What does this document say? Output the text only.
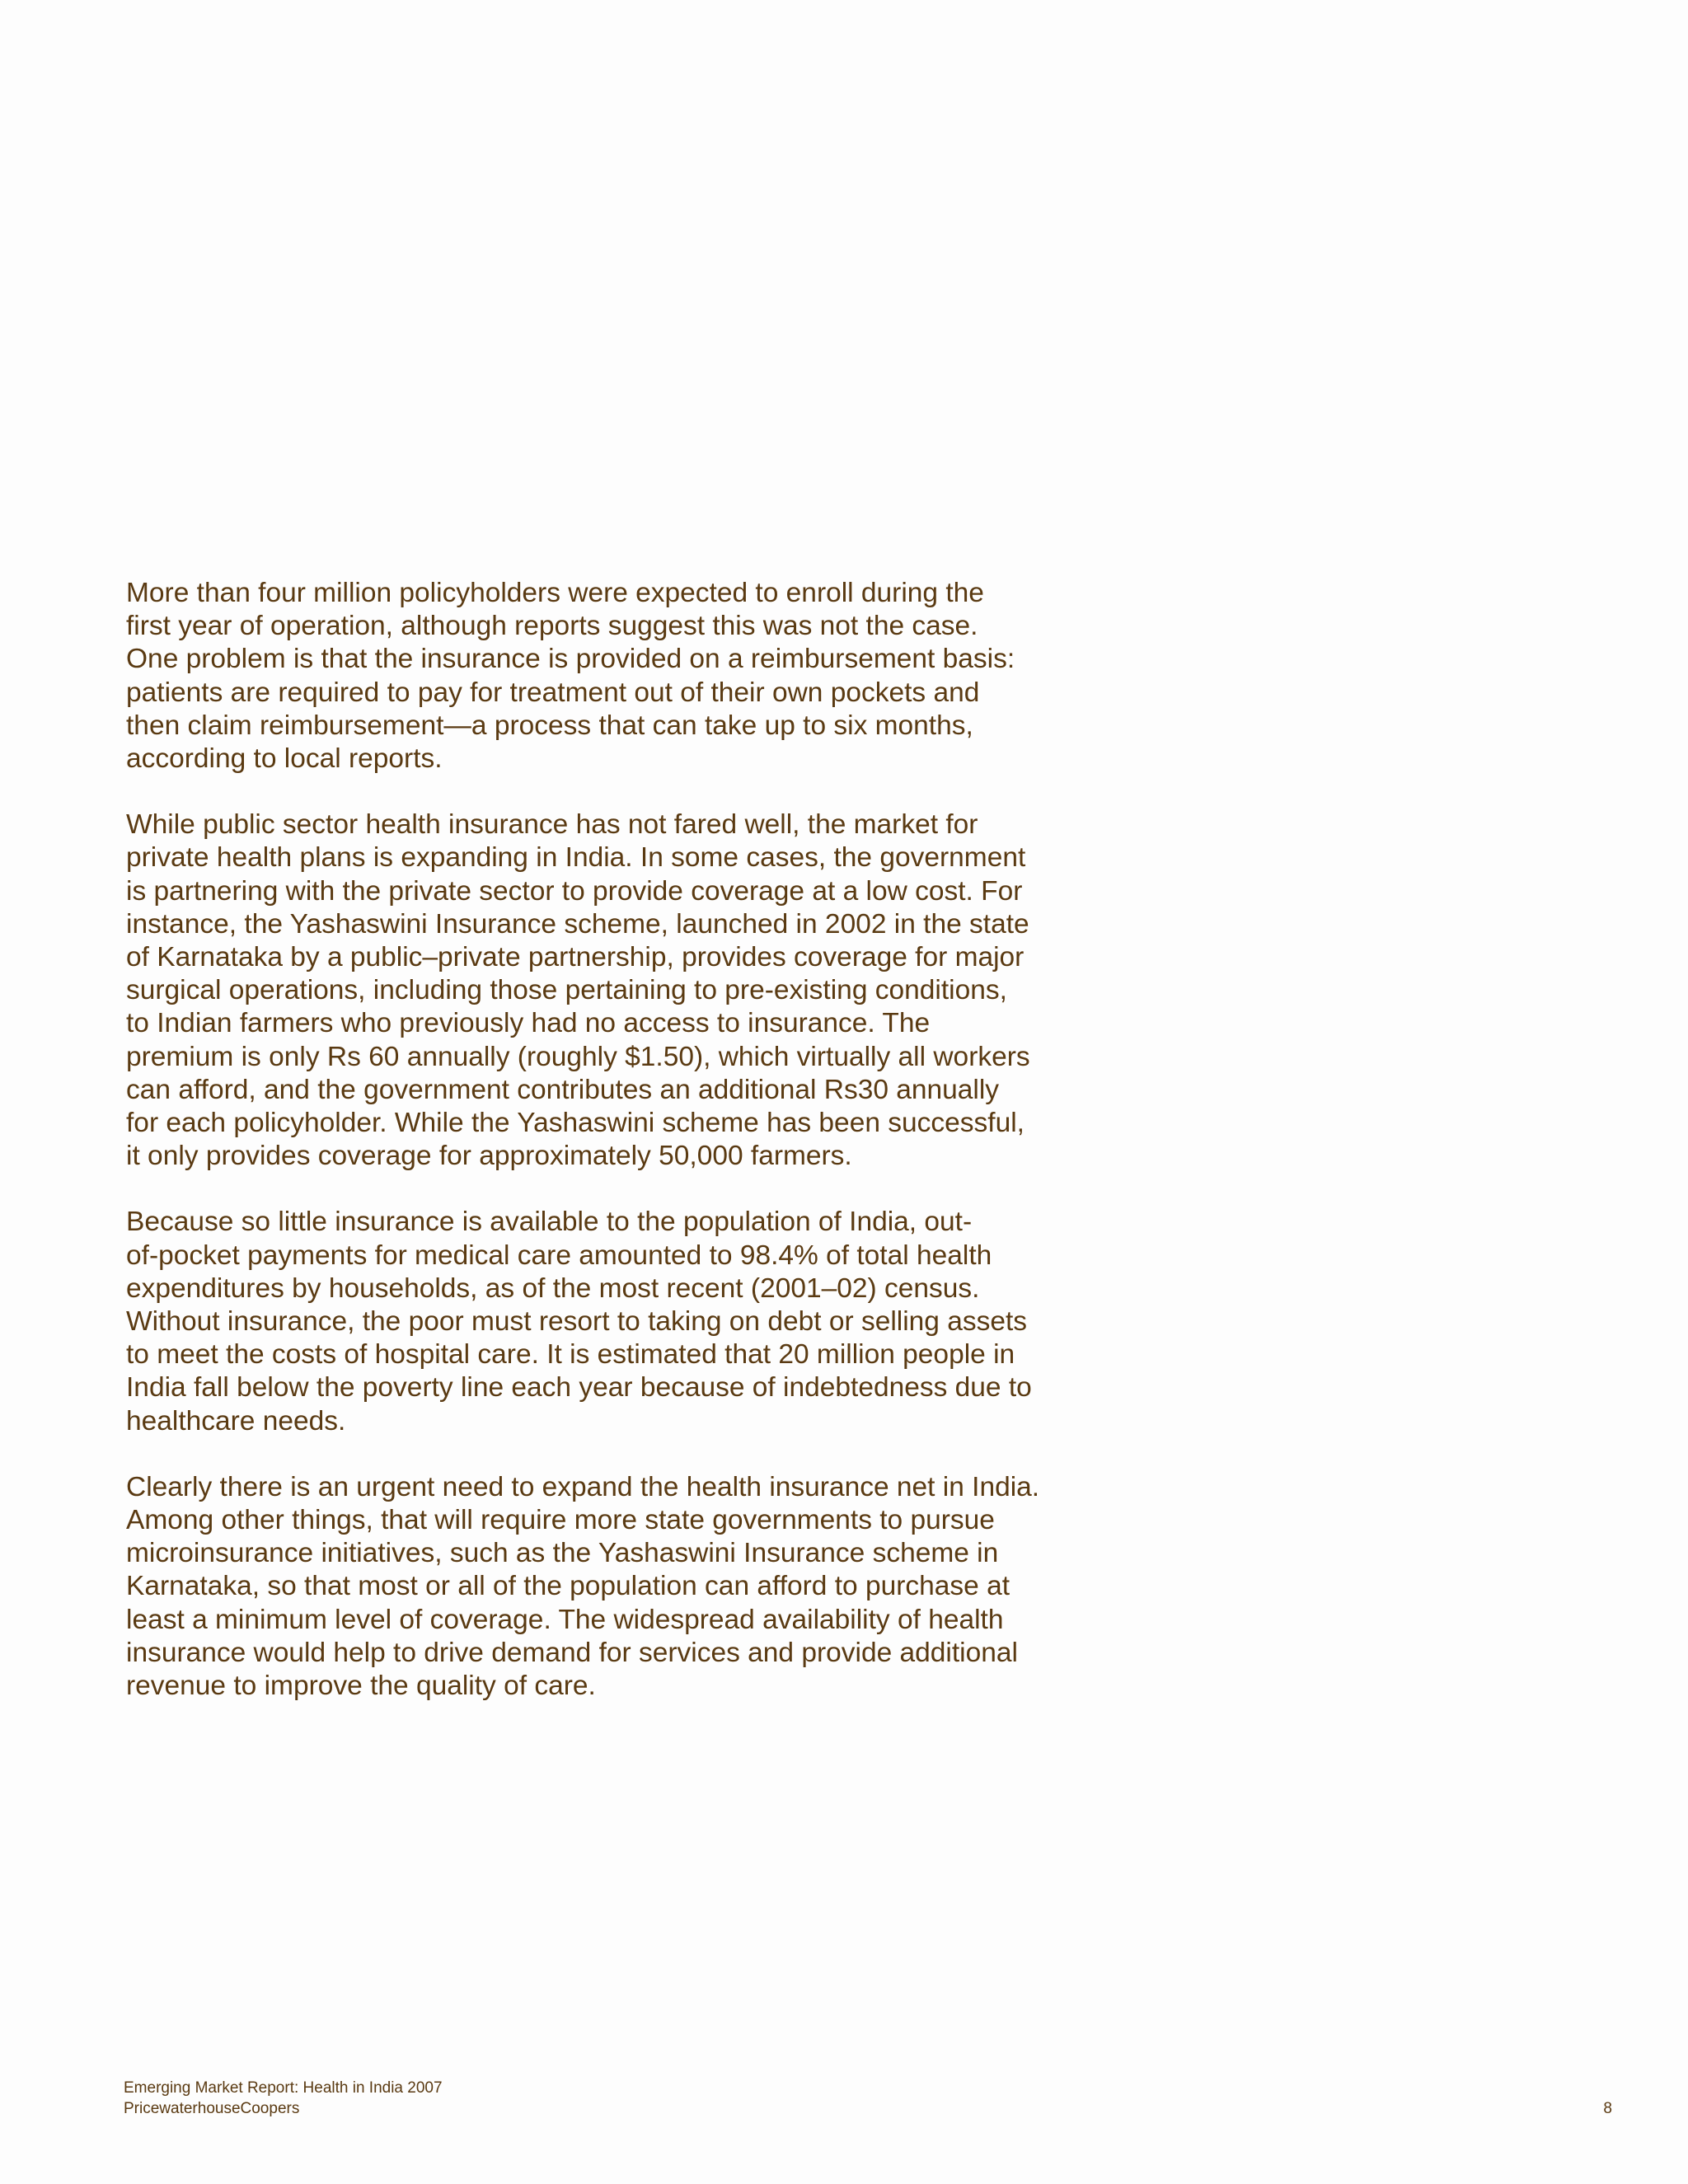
More than four million policyholders were expected to enroll during the
first year of operation, although reports suggest this was not the case.
One problem is that the insurance is provided on a reimbursement basis:
patients are required to pay for treatment out of their own pockets and
then claim reimbursement—a process that can take up to six months,
according to local reports.

While public sector health insurance has not fared well, the market for
private health plans is expanding in India. In some cases, the government
is partnering with the private sector to provide coverage at a low cost. For
instance, the Yashaswini Insurance scheme, launched in 2002 in the state
of Karnataka by a public–private partnership, provides coverage for major
surgical operations, including those pertaining to pre-existing conditions,
to Indian farmers who previously had no access to insurance. The
premium is only Rs 60 annually (roughly $1.50), which virtually all workers
can afford, and the government contributes an additional Rs30 annually
for each policyholder. While the Yashaswini scheme has been successful,
it only provides coverage for approximately 50,000 farmers.

Because so little insurance is available to the population of India, out-
of-pocket payments for medical care amounted to 98.4% of total health
expenditures by households, as of the most recent (2001–02) census.
Without insurance, the poor must resort to taking on debt or selling assets
to meet the costs of hospital care. It is estimated that 20 million people in
India fall below the poverty line each year because of indebtedness due to
healthcare needs.

Clearly there is an urgent need to expand the health insurance net in India.
Among other things, that will require more state governments to pursue
microinsurance initiatives, such as the Yashaswini Insurance scheme in
Karnataka, so that most or all of the population can afford to purchase at
least a minimum level of coverage. The widespread availability of health
insurance would help to drive demand for services and provide additional
revenue to improve the quality of care.

Emerging Market Report: Health in India 2007
PricewaterhouseCoopers	8
